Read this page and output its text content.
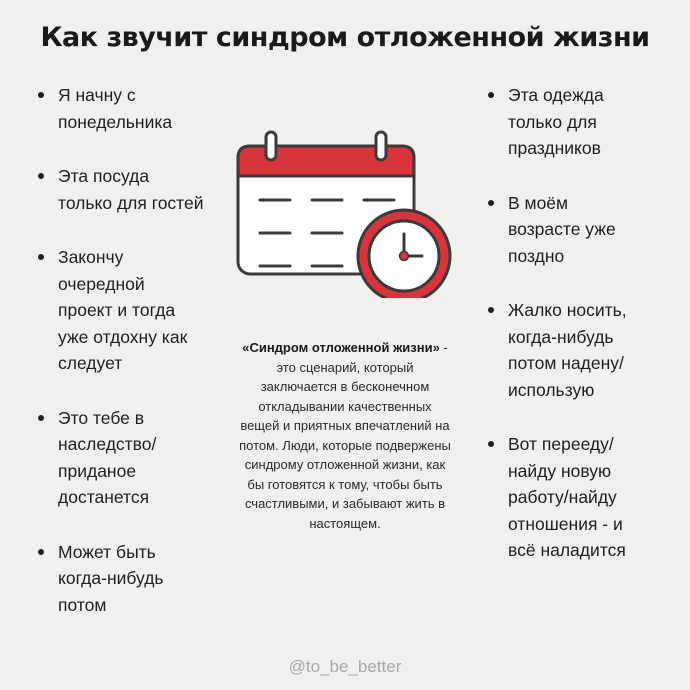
Как звучит синдром отложенной жизни
Я начну с
понедельника
Эта посуда
только для гостей
Закончу
очередной
проект и тогда
уже отдохну как
следует
Это тебе в
наследство/
приданое
достанется
Может быть
когда-нибудь
потом
«Синдром отложенной жизни» - это сценарий, который заключается в бесконечном откладывании качественных вещей и приятных впечатлений на потом. Люди, которые подвержены синдрому отложенной жизни, как бы готовятся к тому, чтобы быть счастливыми, и забывают жить в настоящем.
Эта одежда
только для
праздников
В моём
возрасте уже
поздно
Жалко носить,
когда-нибудь
потом надену/
использую
Вот перееду/
найду новую
работу/найду
отношения - и
всё наладится
@to_be_better
